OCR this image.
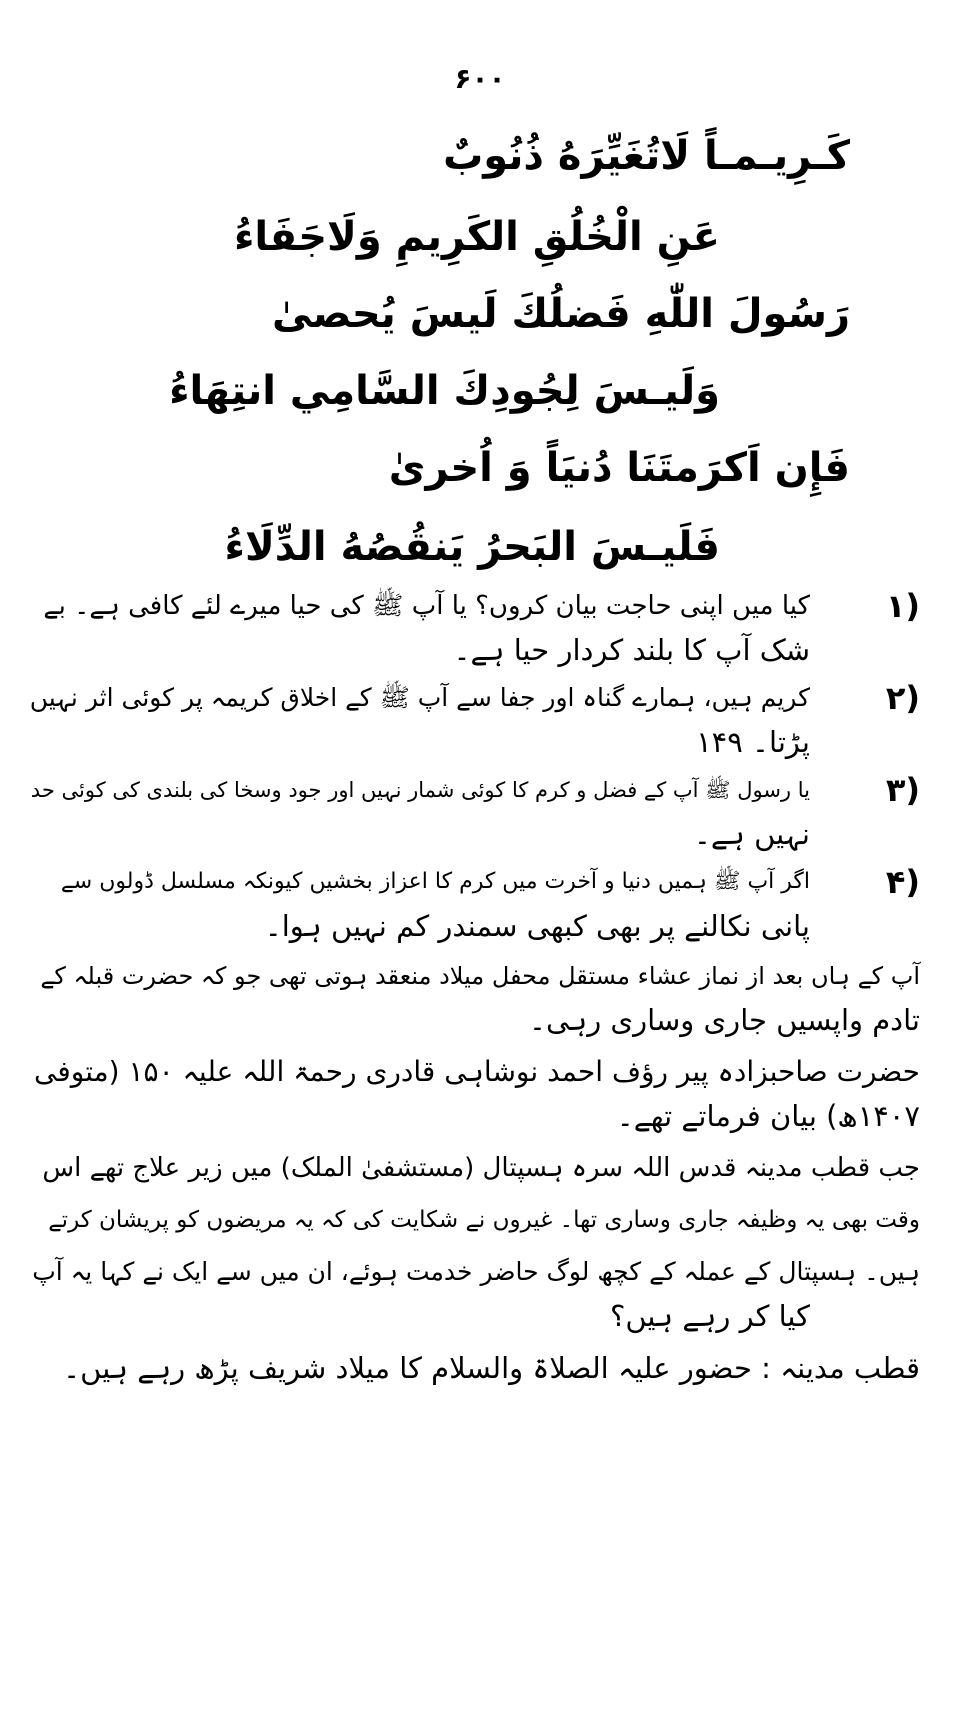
۶۰۰
كَـرِيـمـاً لَاتُغَيِّرَهُ ذُنُوبٌ
عَنِ الْخُلُقِ الكَرِيمِ وَلَاجَفَاءُ
رَسُولَ اللّٰهِ فَضلُكَ لَيسَ يُحصىٰ
وَلَيـسَ لِجُودِكَ السَّامِي انتِهَاءُ
فَإِن اَكرَمتَنَا دُنيَاً وَ اُخرىٰ
فَلَيـسَ البَحرُ يَنقُصُهُ الدِّلَاءُ
۱)
کیا میں اپنی حاجت بیان کروں؟ یا آپ ﷺ کی حیا میرے لئے کافی ہے۔ بے
شک آپ کا بلند کردار حیا ہے۔
۲)
کریم ہیں، ہمارے گناہ اور جفا سے آپ ﷺ کے اخلاق کریمہ پر کوئی اثر نہیں
پڑتا۔ ۱۴۹
۳)
یا رسول ﷺ آپ کے فضل و کرم کا کوئی شمار نہیں اور جود وسخا کی بلندی کی کوئی حد
نہیں ہے۔
۴)
اگر آپ ﷺ ہمیں دنیا و آخرت میں کرم کا اعزاز بخشیں کیونکہ مسلسل ڈولوں سے
پانی نکالنے پر بھی کبھی سمندر کم نہیں ہوا۔
آپ کے ہاں بعد از نماز عشاء مستقل محفل میلاد منعقد ہوتی تھی جو کہ حضرت قبلہ کے
تادم واپسیں جاری وساری رہی۔
حضرت صاحبزادہ پیر رؤف احمد نوشاہی قادری رحمۃ اللہ علیہ ۱۵۰ (متوفی
۱۴۰۷ھ) بیان فرماتے تھے۔
جب قطب مدینہ قدس اللہ سرہ ہسپتال (مستشفیٰ الملک) میں زیر علاج تھے اس
وقت بھی یہ وظیفہ جاری وساری تھا۔ غیروں نے شکایت کی کہ یہ مریضوں کو پریشان کرتے
ہیں۔ ہسپتال کے عملہ کے کچھ لوگ حاضر خدمت ہوئے، ان میں سے ایک نے کہا یہ آپ
کیا کر رہے ہیں؟
قطب مدینہ : حضور علیہ الصلاۃ والسلام کا میلاد شریف پڑھ رہے ہیں۔
